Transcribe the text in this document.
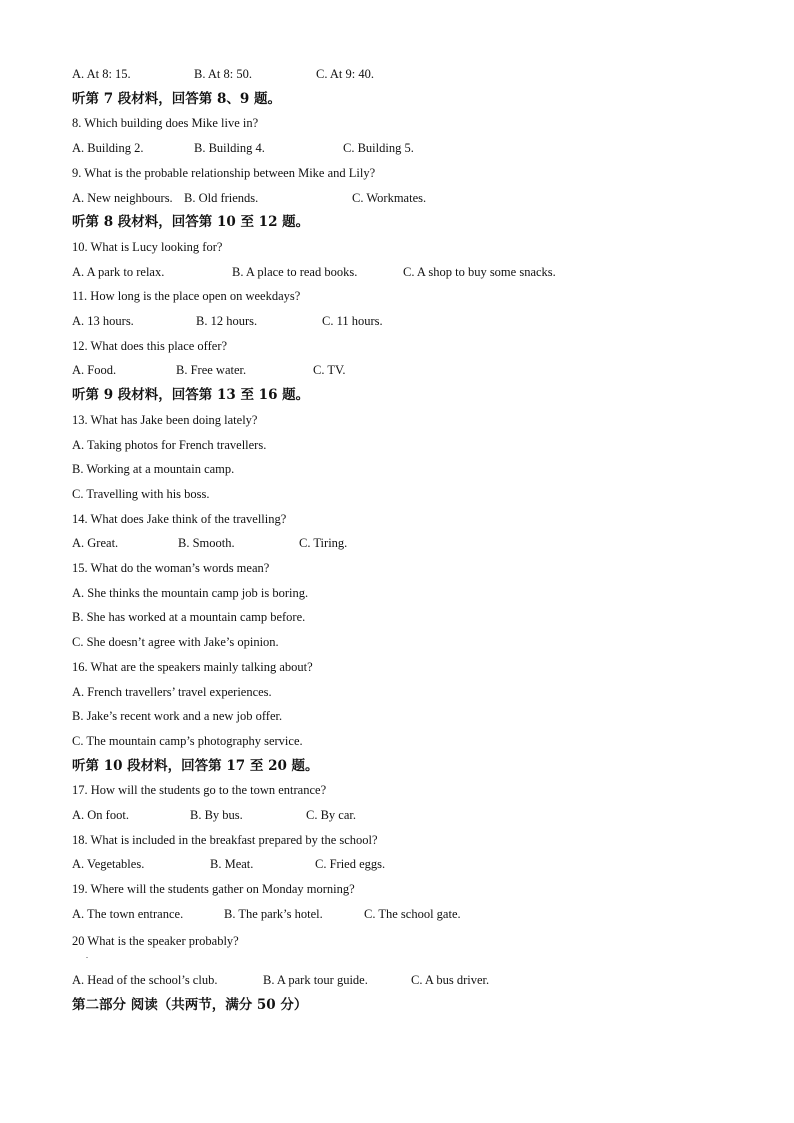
.
A. At 8: 15.	B. At 8: 50.	C. At 9: 40.
听第 7 段材料，回答第 8、9 题。
8. Which building does Mike live in?
A. Building 2.	B. Building 4.	C. Building 5.
9. What is the probable relationship between Mike and Lily?
A. New neighbours. B. Old friends.	C. Workmates.
听第 8 段材料，回答第 10 至 12 题。
10. What is Lucy looking for?
A. A park to relax.	B. A place to read books.	C. A shop to buy some snacks.
11. How long is the place open on weekdays?
A. 13 hours.	B. 12 hours.	C. 11 hours.
12. What does this place offer?
A. Food.	B. Free water.	C. TV.
听第 9 段材料，回答第 13 至 16 题。
13. What has Jake been doing lately?
A. Taking photos for French travellers.
B. Working at a mountain camp.
C. Travelling with his boss.
14. What does Jake think of the travelling?
A. Great.	B. Smooth.	C. Tiring.
15. What do the woman’s words mean?
A. She thinks the mountain camp job is boring.
B. She has worked at a mountain camp before.
C. She doesn’t agree with Jake’s opinion.
16. What are the speakers mainly talking about?
A. French travellers’ travel experiences.
B. Jake’s recent work and a new job offer.
C. The mountain camp’s photography service.
听第 10 段材料，回答第 17 至 20 题。
17. How will the students go to the town entrance?
A. On foot.	B. By bus.	C. By car.
18. What is included in the breakfast prepared by the school?
A. Vegetables.	B. Meat.	C. Fried eggs.
19. Where will the students gather on Monday morning?
A. The town entrance.	B. The park’s hotel.	C. The school gate.
20 What is the speaker probably?
A. Head of the school’s club.	B. A park tour guide.	C. A bus driver.
第二部分 阅读（共两节，满分 50 分）
